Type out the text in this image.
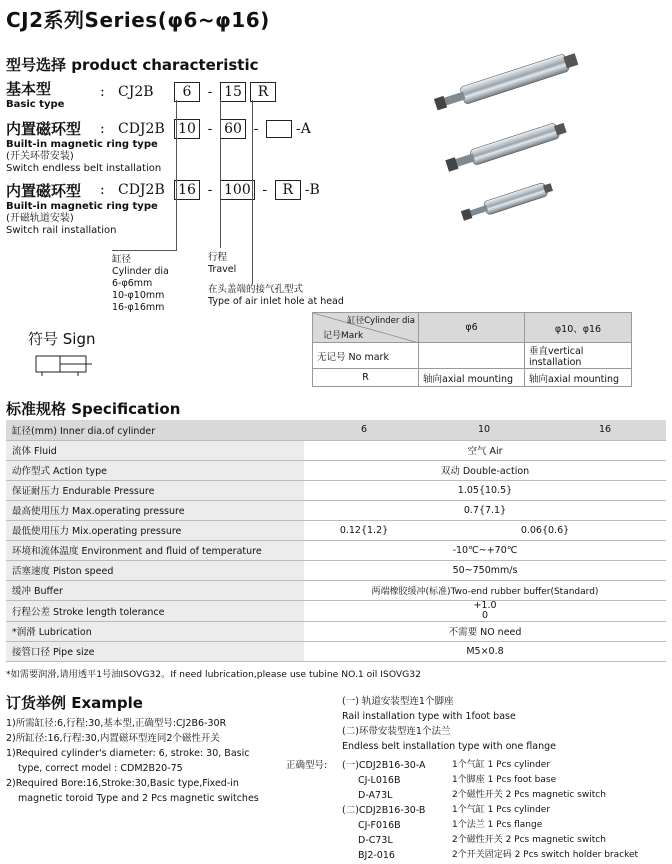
CJ2系列Series(φ6~φ16)
型号选择 product characteristic
基本型
Basic type
: CJ2B	6	- 15	R
内置磁环型
Built-in magnetic ring type
(开关环带安装)
Switch endless belt installation
: CDJ2B 10 - 60 -	-A
内置磁环型
Built-in magnetic ring type
(开磁轨道安装)
Switch rail installation
: CDJ2B 16 - 100 -	R -B
缸径
Cylinder dia
6-φ6mm
10-φ10mm
16-φ16mm
行程
Travel
在头盖端的接气孔型式
Type of air inlet hole at head
缸径Cylinder dia
记号Mark	φ6	φ10、φ16
无记号 No mark		垂直vertical installation
R	轴向axial mounting	轴向axial mounting
符号 Sign
标准规格 Specification
缸径(mm) Inner dia.of cylinder	6	10	16
流体 Fluid	空气 Air		
动作型式 Action type	双动 Double-action		
保证耐压力 Endurable Pressure	1.05{10.5}		
最高使用压力 Max.operating pressure	0.7{7.1}		
最低使用压力 Mix.operating pressure	0.12{1.2}	0.06{0.6}	
环境和流体温度 Environment and fluid of temperature	-10℃~+70℃		
活塞速度 Piston speed	50~750mm/s		
缓冲 Buffer	两端橡胶缓冲(标准)Two-end rubber buffer(Standard)		
行程公差 Stroke length tolerance	+1.0
0		

*润滑 Lubrication	不需要 NO need		
接管口径 Pipe size	M5×0.8		
*如需要润滑,请用透平1号油ISOVG32。If need lubrication,please use tubine NO.1 oil ISOVG32
订货举例 Example
1)所需缸径:6,行程:30,基本型,正确型号:CJ2B6-30R
2)所缸径:16,行程:30,内置磁环型连同2个磁性开关
1)Required cylinder's diameter: 6, stroke: 30, Basic
type, correct model : CDM2B20-75
2)Required Bore:16,Stroke:30,Basic type,Fixed-in
magnetic toroid Type and 2 Pcs magnetic switches
(一) 轨道安装型连1个脚座
Rail installation type with 1foot base
(二)环带安装型连1个法兰
Endless belt installation type with one flange
正确型号: (一)CDJ2B16-30-A	1个气缸 1 Pcs cylinder
CJ-L016B	1个脚座 1 Pcs foot base
D-A73L	2个磁性开关 2 Pcs magnetic switch
(二)CDJ2B16-30-B	1个气缸 1 Pcs cylinder
CJ-F016B	1个法兰 1 Pcs flange
D-C73L	2个磁性开关 2 Pcs magnetic switch
BJ2-016	2个开关固定码 2 Pcs switch holder bracket
